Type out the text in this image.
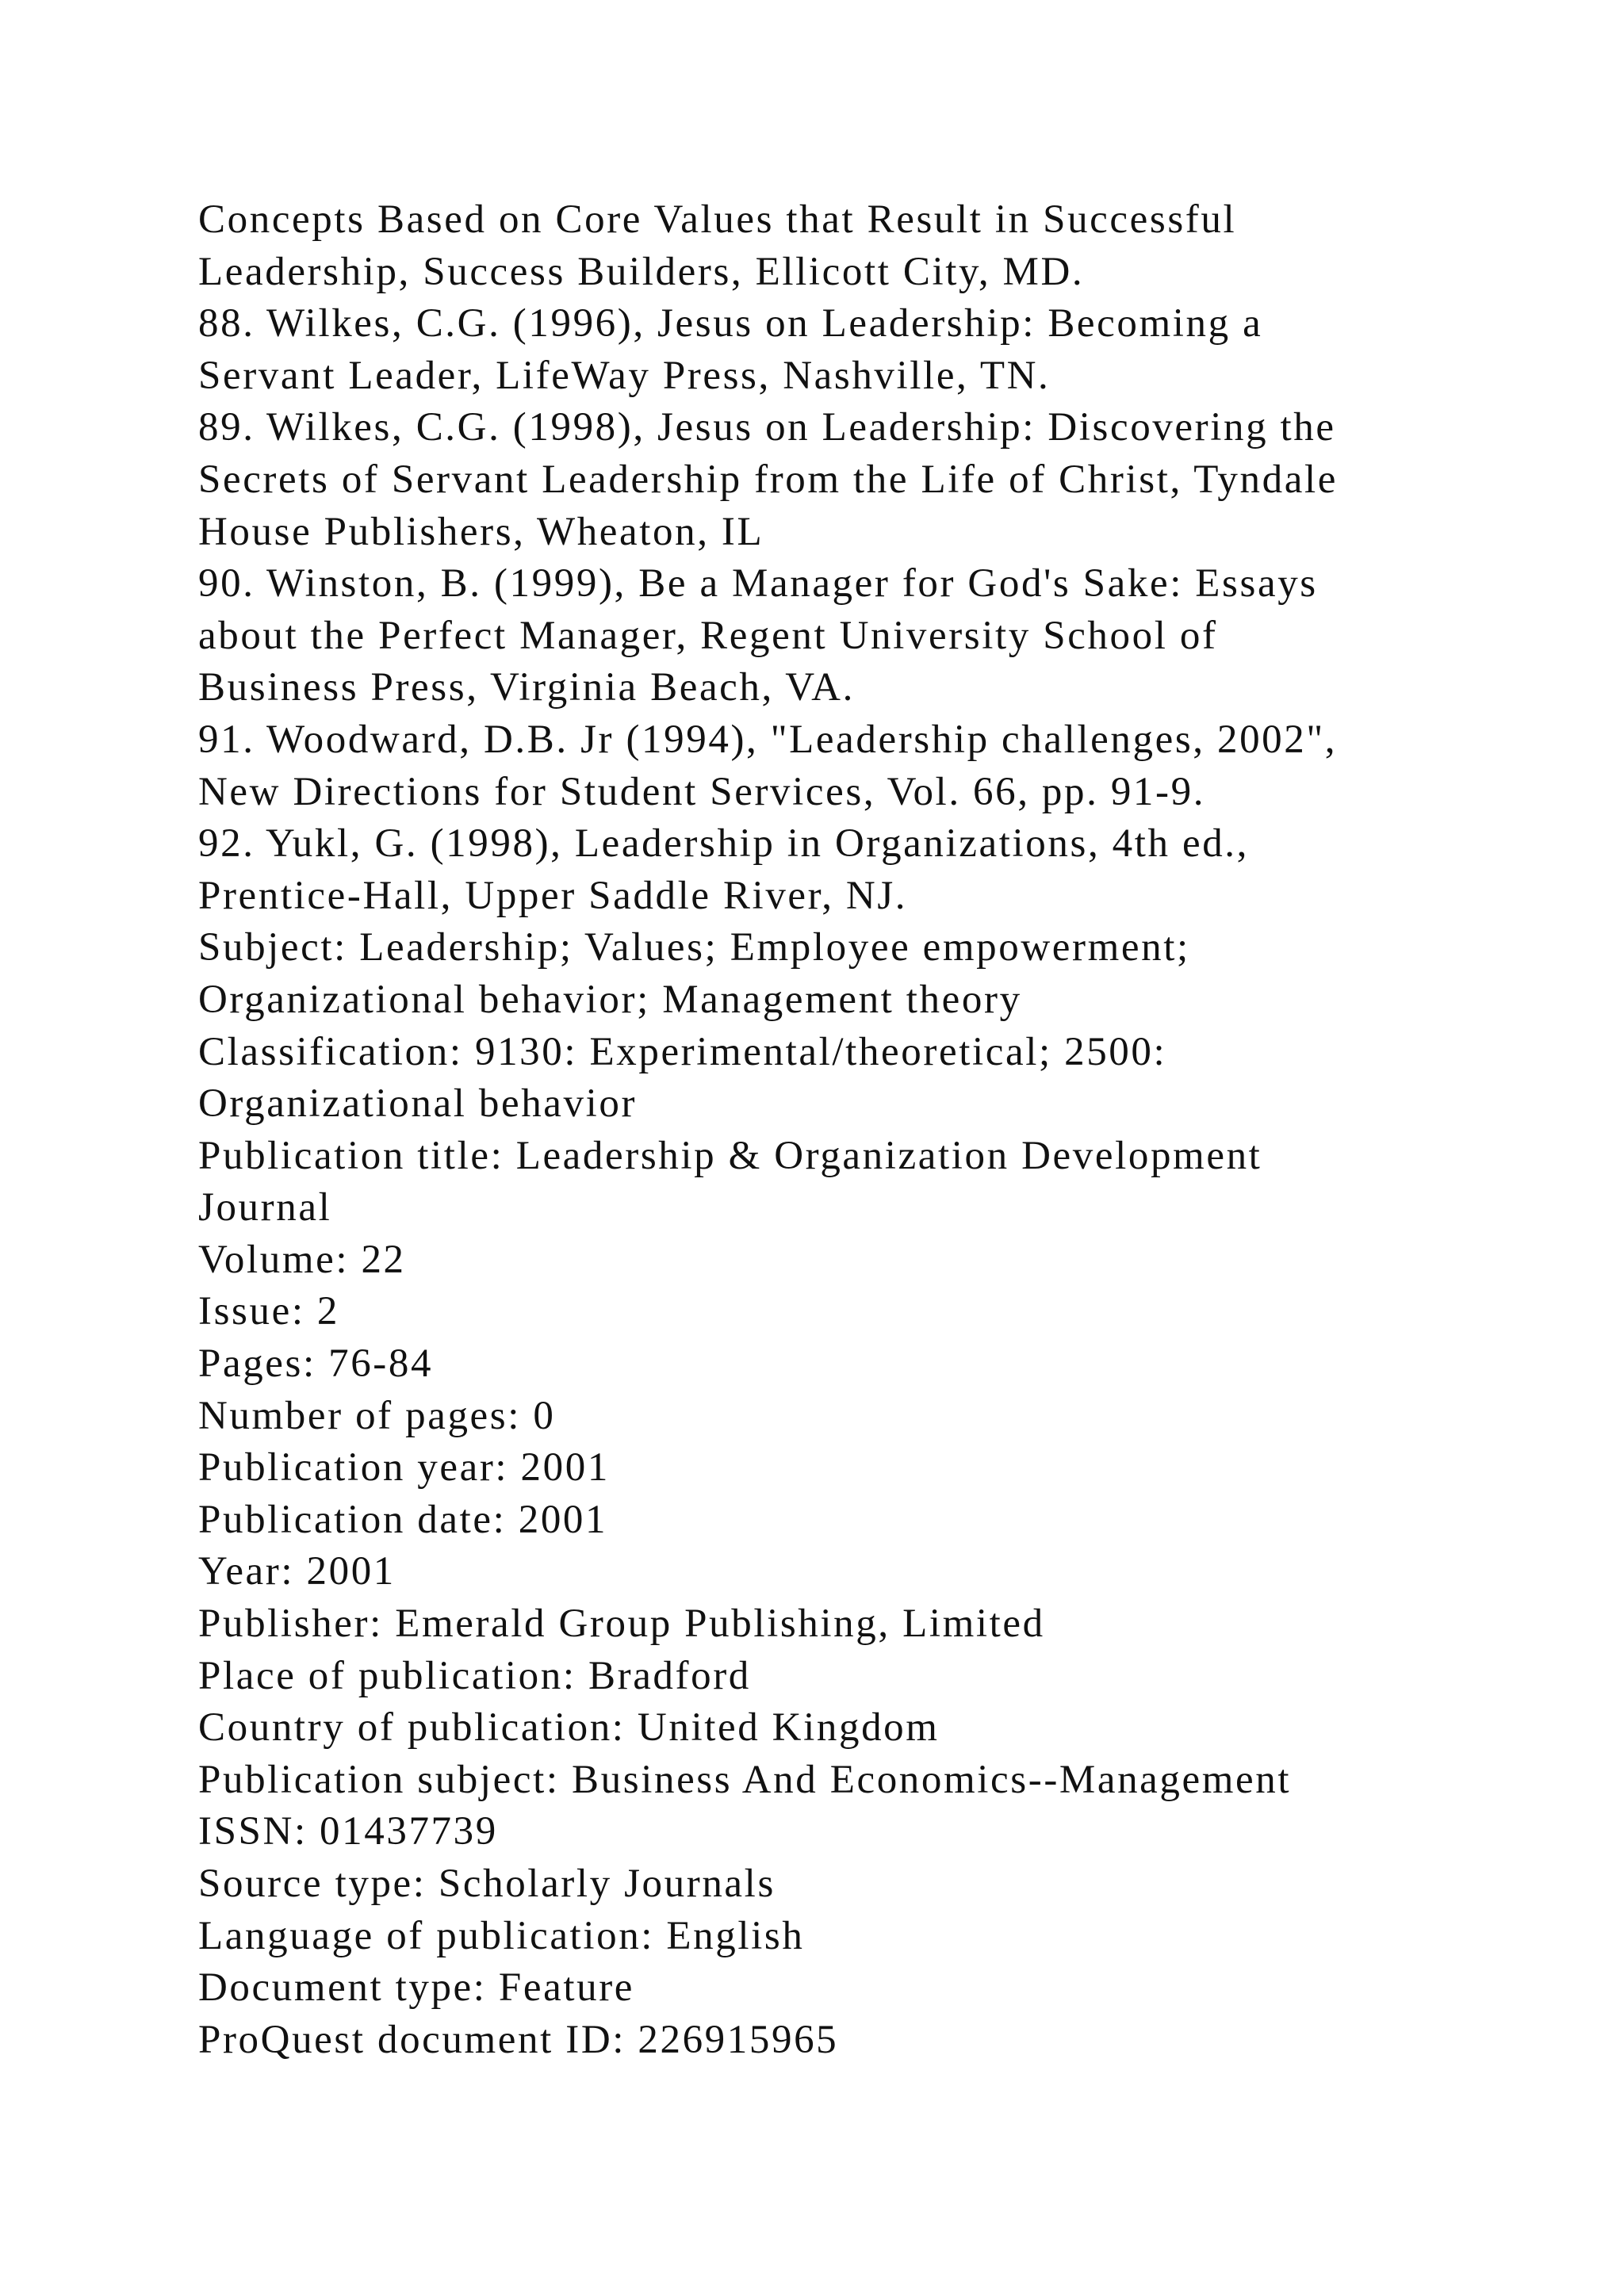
Concepts Based on Core Values that Result in Successful
Leadership, Success Builders, Ellicott City, MD.
88. Wilkes, C.G. (1996), Jesus on Leadership: Becoming a
Servant Leader, LifeWay Press, Nashville, TN.
89. Wilkes, C.G. (1998), Jesus on Leadership: Discovering the
Secrets of Servant Leadership from the Life of Christ, Tyndale
House Publishers, Wheaton, IL
90. Winston, B. (1999), Be a Manager for God's Sake: Essays
about the Perfect Manager, Regent University School of
Business Press, Virginia Beach, VA.
91. Woodward, D.B. Jr (1994), "Leadership challenges, 2002",
New Directions for Student Services, Vol. 66, pp. 91-9.
92. Yukl, G. (1998), Leadership in Organizations, 4th ed.,
Prentice-Hall, Upper Saddle River, NJ.
Subject: Leadership; Values; Employee empowerment;
Organizational behavior; Management theory
Classification: 9130: Experimental/theoretical; 2500:
Organizational behavior
Publication title: Leadership & Organization Development
Journal
Volume: 22
Issue: 2
Pages: 76-84
Number of pages: 0
Publication year: 2001
Publication date: 2001
Year: 2001
Publisher: Emerald Group Publishing, Limited
Place of publication: Bradford
Country of publication: United Kingdom
Publication subject: Business And Economics--Management
ISSN: 01437739
Source type: Scholarly Journals
Language of publication: English
Document type: Feature
ProQuest document ID: 226915965
